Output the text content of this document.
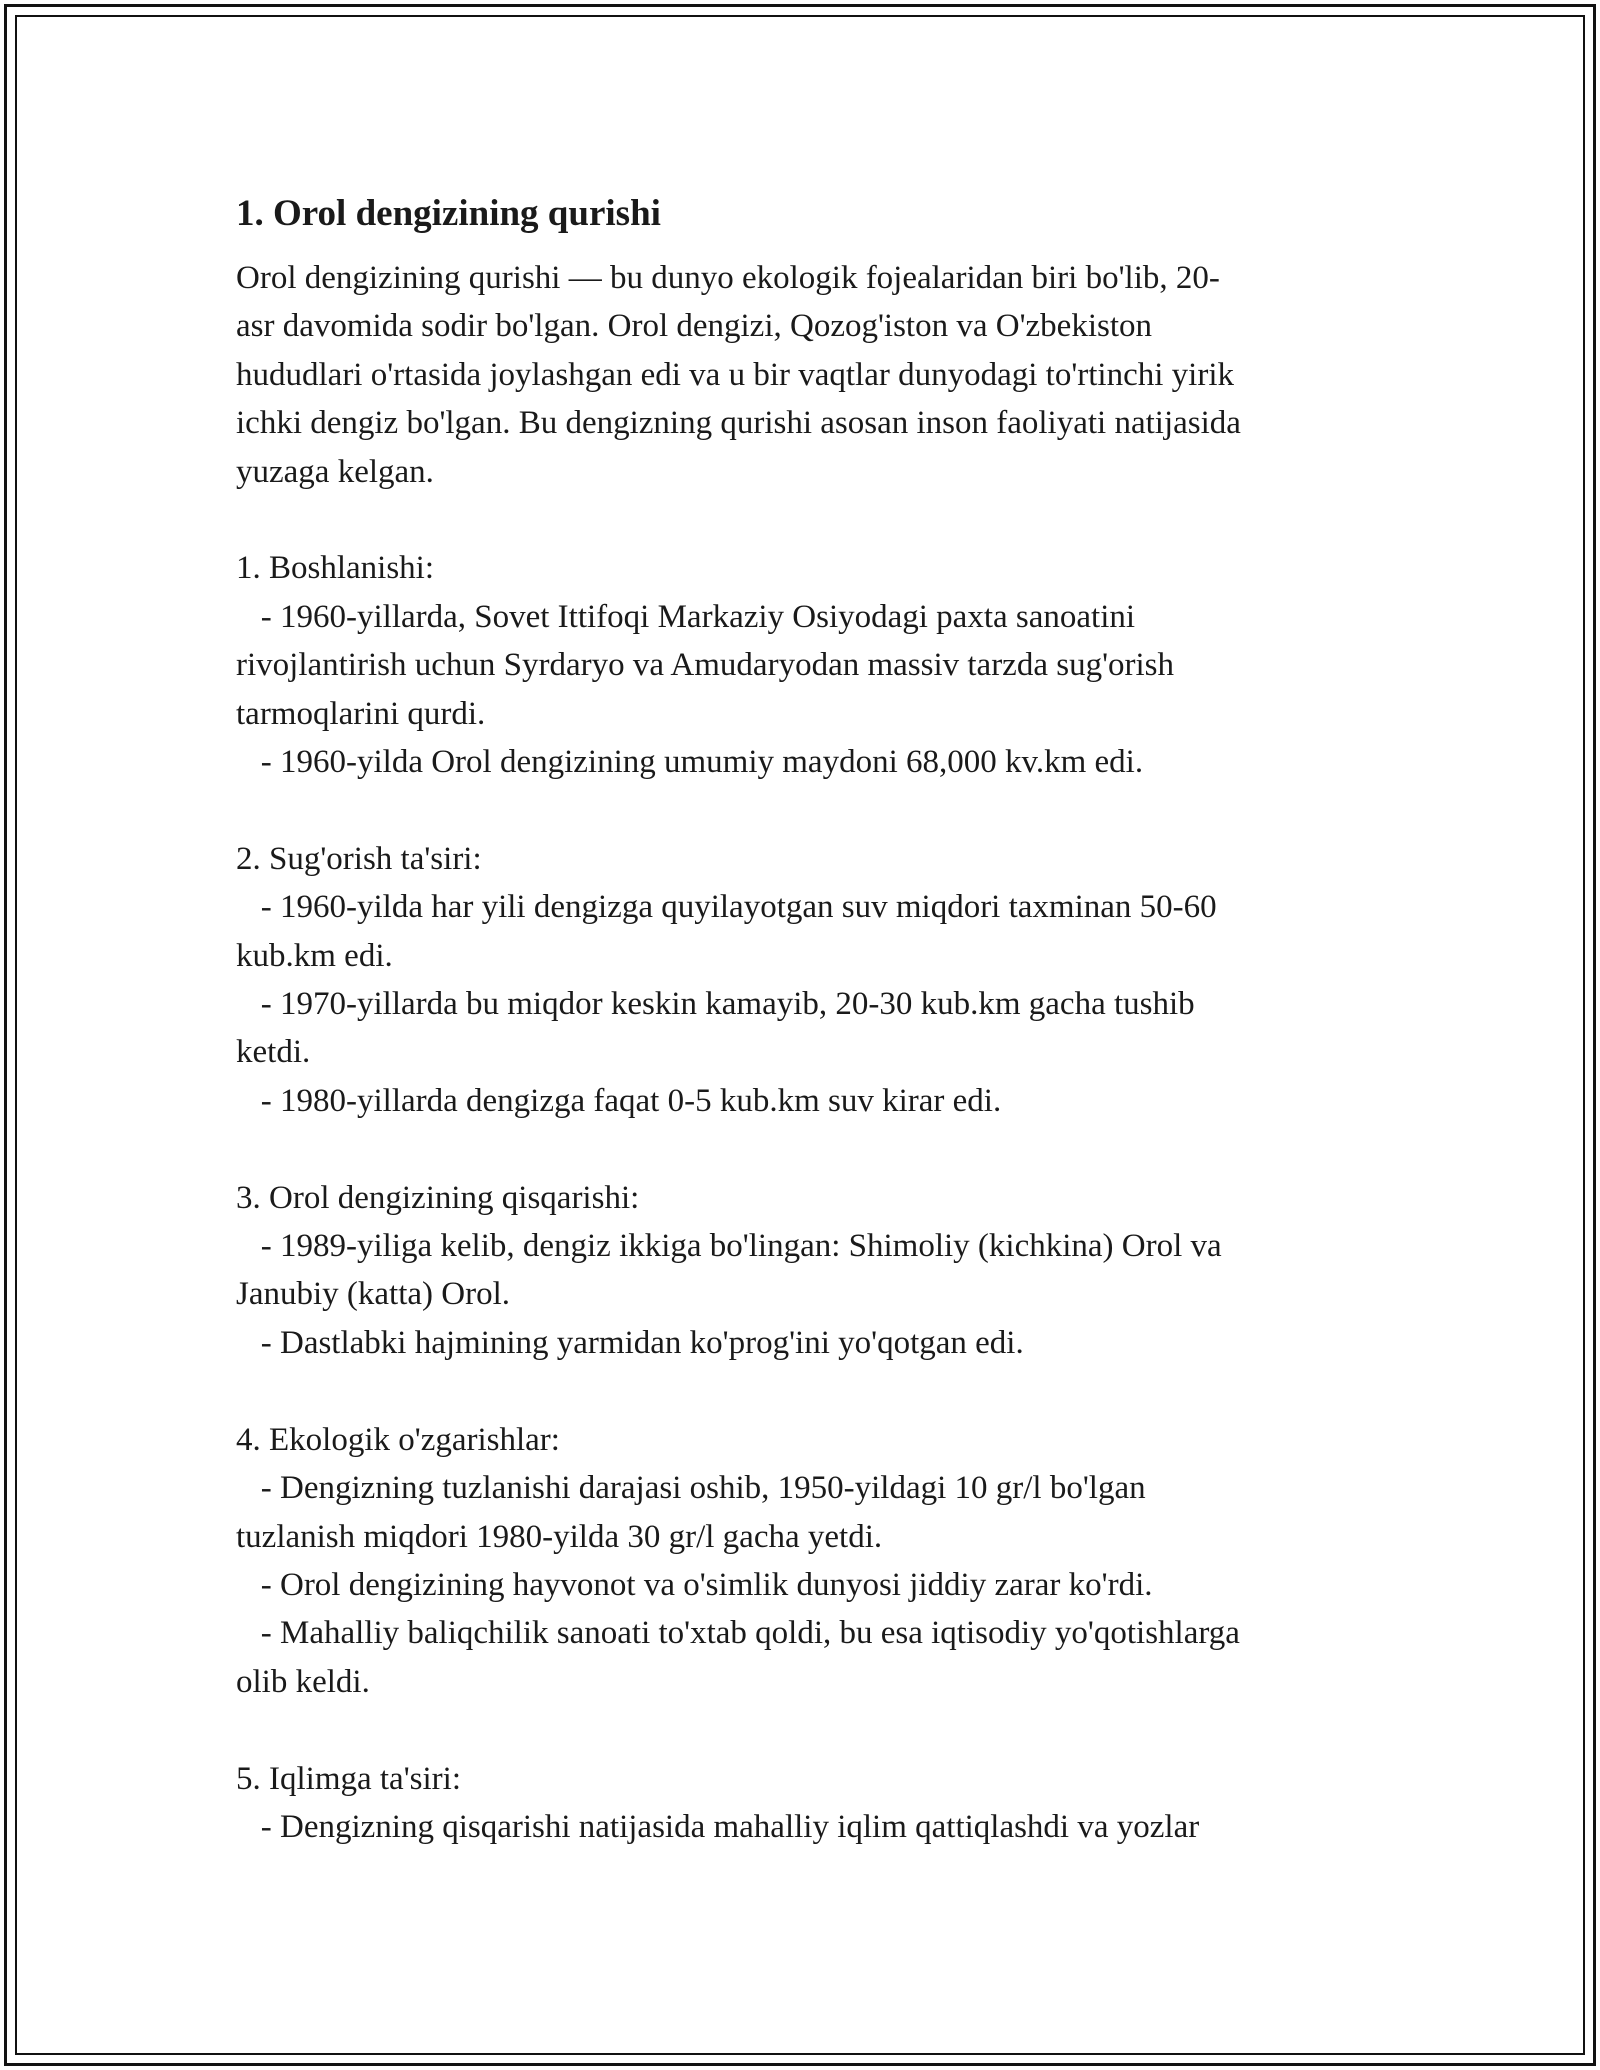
1. Orol dengizining qurishi
Orol dengizining qurishi — bu dunyo ekologik fojealaridan biri bo'lib, 20-
asr davomida sodir bo'lgan. Orol dengizi, Qozog'iston va O'zbekiston
hududlari o'rtasida joylashgan edi va u bir vaqtlar dunyodagi to'rtinchi yirik
ichki dengiz bo'lgan. Bu dengizning qurishi asosan inson faoliyati natijasida
yuzaga kelgan.
1. Boshlanishi:
- 1960-yillarda, Sovet Ittifoqi Markaziy Osiyodagi paxta sanoatini
rivojlantirish uchun Syrdaryo va Amudaryodan massiv tarzda sug'orish
tarmoqlarini qurdi.
- 1960-yilda Orol dengizining umumiy maydoni 68,000 kv.km edi.
2. Sug'orish ta'siri:
- 1960-yilda har yili dengizga quyilayotgan suv miqdori taxminan 50-60
kub.km edi.
- 1970-yillarda bu miqdor keskin kamayib, 20-30 kub.km gacha tushib
ketdi.
- 1980-yillarda dengizga faqat 0-5 kub.km suv kirar edi.
3. Orol dengizining qisqarishi:
- 1989-yiliga kelib, dengiz ikkiga bo'lingan: Shimoliy (kichkina) Orol va
Janubiy (katta) Orol.
- Dastlabki hajmining yarmidan ko'prog'ini yo'qotgan edi.
4. Ekologik o'zgarishlar:
- Dengizning tuzlanishi darajasi oshib, 1950-yildagi 10 gr/l bo'lgan
tuzlanish miqdori 1980-yilda 30 gr/l gacha yetdi.
- Orol dengizining hayvonot va o'simlik dunyosi jiddiy zarar ko'rdi.
- Mahalliy baliqchilik sanoati to'xtab qoldi, bu esa iqtisodiy yo'qotishlarga
olib keldi.
5. Iqlimga ta'siri:
- Dengizning qisqarishi natijasida mahalliy iqlim qattiqlashdi va yozlar
